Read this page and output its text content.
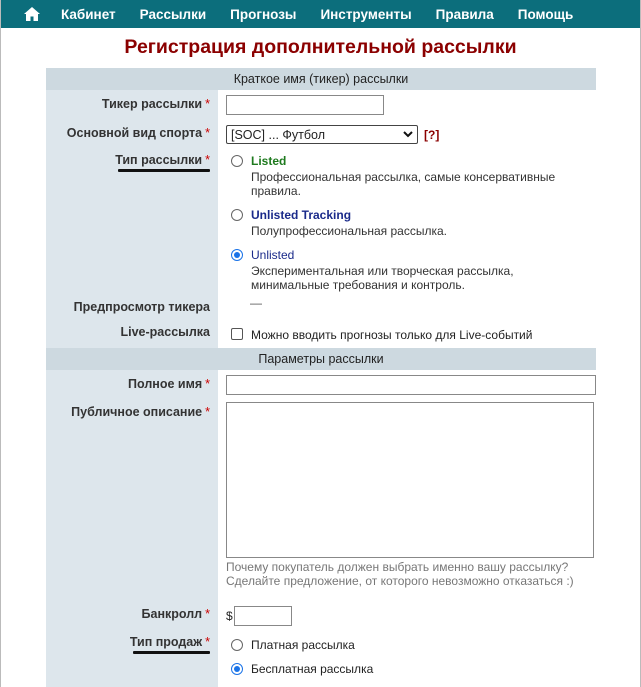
Кабинет Рассылки Прогнозы Инструменты Правила Помощь
Регистрация дополнительной рассылки
Краткое имя (тикер) рассылки
Тикер рассылки *
Основной вид спорта *	[SOC] ... Футбол	[?]
Тип рассылки *	Listed
Профессиональная рассылка, самые консервативные правила.
Unlisted Tracking
Полупрофессиональная рассылка.
Unlisted
Экспериментальная или творческая рассылка, минимальные требования и контроль.
Предпросмотр тикера	—
Live-рассылка	Можно вводить прогнозы только для Live-событий
Параметры рассылки
Полное имя *
Публичное описание *
Почему покупатель должен выбрать именно вашу рассылку? Сделайте предложение, от которого невозможно отказаться :)
Банкролл *	$
Тип продаж *	Платная рассылка
Бесплатная рассылка
